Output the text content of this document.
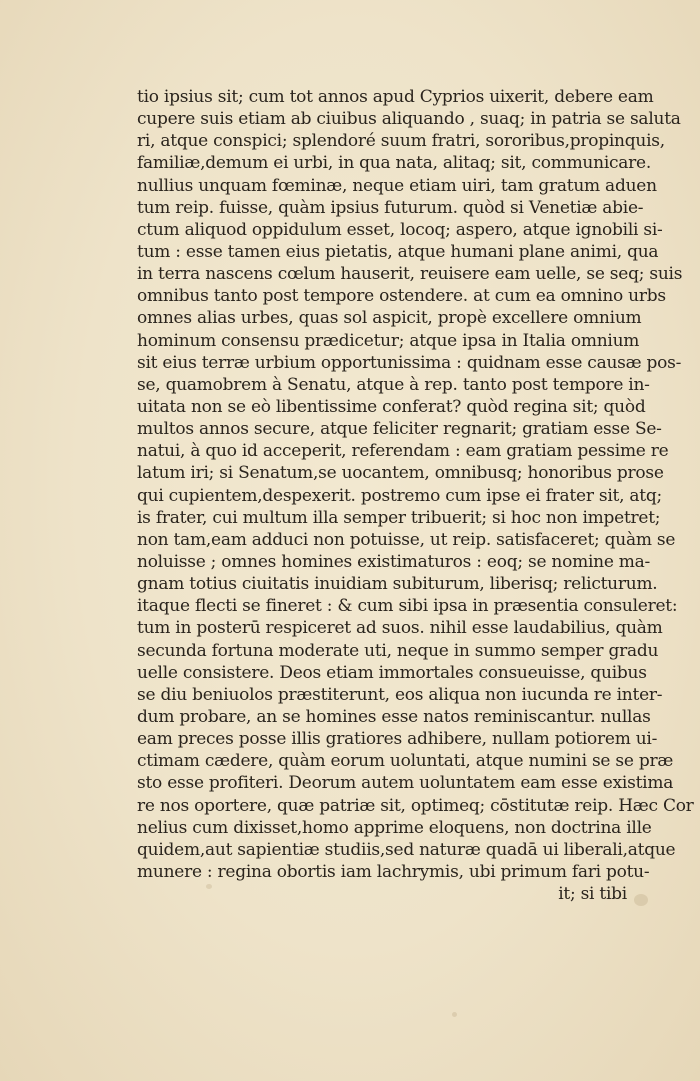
tio ipsius sit; cum tot annos apud Cyprios uixerit, debere eam
cupere suis etiam ab ciuibus aliquando , suaq; in patria se saluta
ri, atque conspici; splendoré suum fratri, sororibus,propinquis,
familiæ,demum ei urbi, in qua nata, alitaq; sit, communicare.
nullius unquam fœminæ, neque etiam uiri, tam gratum aduen
tum reip. fuisse, quàm ipsius futurum. quòd si Venetiæ abie-
ctum aliquod oppidulum esset, locoq; aspero, atque ignobili si-
tum : esse tamen eius pietatis, atque humani plane animi, qua
in terra nascens cœlum hauserit, reuisere eam uelle, se seq; suis
omnibus tanto post tempore ostendere. at cum ea omnino urbs
omnes alias urbes, quas sol aspicit, propè excellere omnium
hominum consensu prædicetur; atque ipsa in Italia omnium
sit eius terræ urbium opportunissima : quidnam esse causæ pos-
se, quamobrem à Senatu, atque à rep. tanto post tempore in-
uitata non se eò libentissime conferat? quòd regina sit; quòd
multos annos secure, atque feliciter regnarit; gratiam esse Se-
natui, à quo id acceperit, referendam : eam gratiam pessime re
latum iri; si Senatum,se uocantem, omnibusq; honoribus prose
qui cupientem,despexerit. postremo cum ipse ei frater sit, atq;
is frater, cui multum illa semper tribuerit; si hoc non impetret;
non tam,eam adduci non potuisse, ut reip. satisfaceret; quàm se
noluisse ; omnes homines existimaturos : eoq; se nomine ma-
gnam totius ciuitatis inuidiam subiturum, liberisq; relicturum.
itaque flecti se fineret : & cum sibi ipsa in præsentia consuleret:
tum in posterū respiceret ad suos. nihil esse laudabilius, quàm
secunda fortuna moderate uti, neque in summo semper gradu
uelle consistere. Deos etiam immortales consueuisse, quibus
se diu beniuolos præstiterunt, eos aliqua non iucunda re inter-
dum probare, an se homines esse natos reminiscantur. nullas
eam preces posse illis gratiores adhibere, nullam potiorem ui-
ctimam cædere, quàm eorum uoluntati, atque numini se se præ
sto esse profiteri. Deorum autem uoluntatem eam esse existima
re nos oportere, quæ patriæ sit, optimeq; cōstitutæ reip. Hæc Cor
nelius cum dixisset,homo apprime eloquens, non doctrina ille
quidem,aut sapientiæ studiis,sed naturæ quadā ui liberali,atque
munere : regina obortis iam lachrymis, ubi primum fari potu-
it; si tibi
